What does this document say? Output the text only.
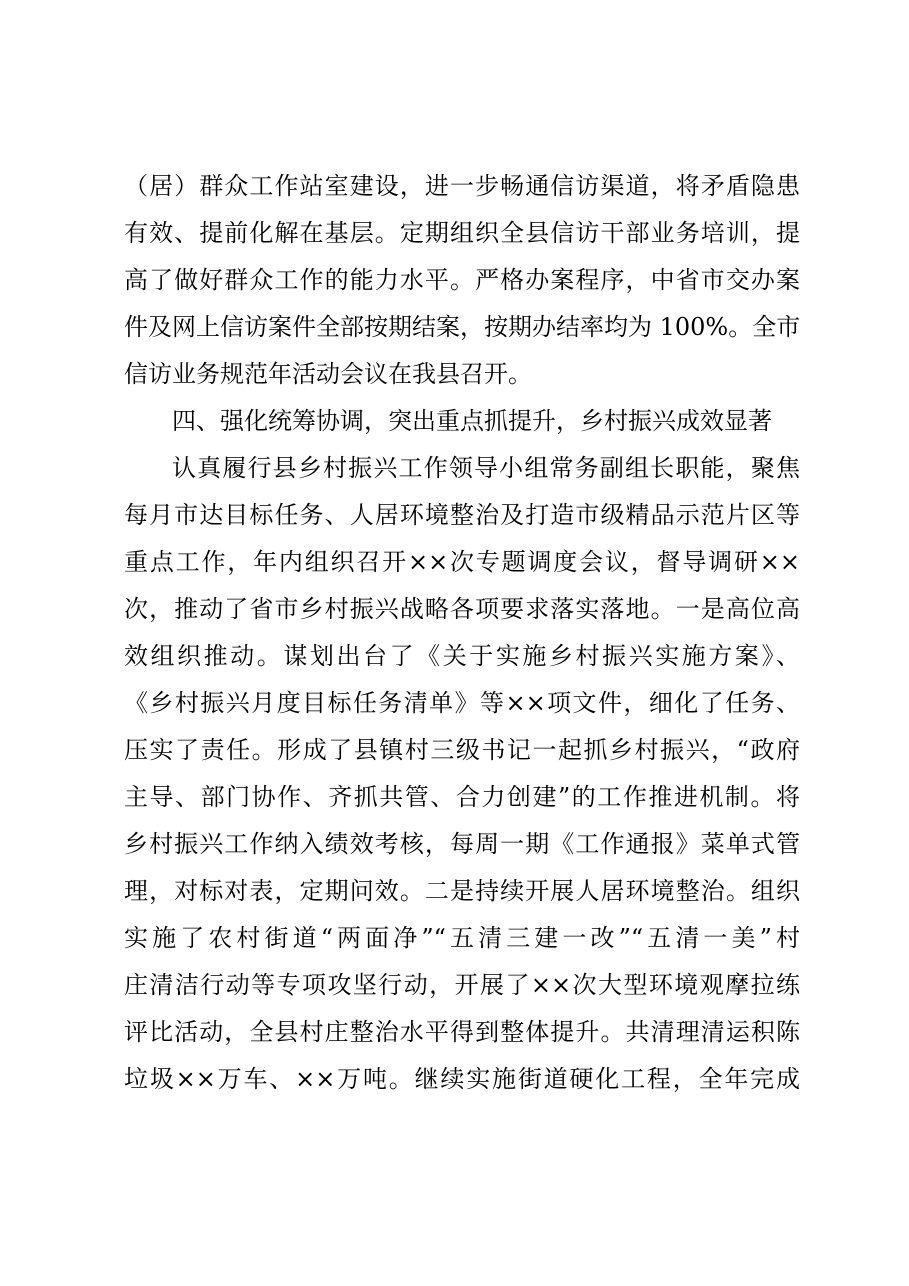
（居）群众工作站室建设，进一步畅通信访渠道，将矛盾隐患
有效、提前化解在基层。定期组织全县信访干部业务培训，提
高了做好群众工作的能力水平。严格办案程序，中省市交办案
件及网上信访案件全部按期结案，按期办结率均为 100%。全市
信访业务规范年活动会议在我县召开。
四、强化统筹协调，突出重点抓提升，乡村振兴成效显著
认真履行县乡村振兴工作领导小组常务副组长职能，聚焦
每月市达目标任务、人居环境整治及打造市级精品示范片区等
重点工作，年内组织召开××次专题调度会议，督导调研××
次，推动了省市乡村振兴战略各项要求落实落地。一是高位高
效组织推动。谋划出台了《关于实施乡村振兴实施方案》、
《乡村振兴月度目标任务清单》等××项文件，细化了任务、
压实了责任。形成了县镇村三级书记一起抓乡村振兴，“政府
主导、部门协作、齐抓共管、合力创建”的工作推进机制。将
乡村振兴工作纳入绩效考核，每周一期《工作通报》菜单式管
理，对标对表，定期问效。二是持续开展人居环境整治。组织
实施了农村街道“两面净”“五清三建一改”“五清一美”村
庄清洁行动等专项攻坚行动，开展了××次大型环境观摩拉练
评比活动，全县村庄整治水平得到整体提升。共清理清运积陈
垃圾××万车、××万吨。继续实施街道硬化工程，全年完成
